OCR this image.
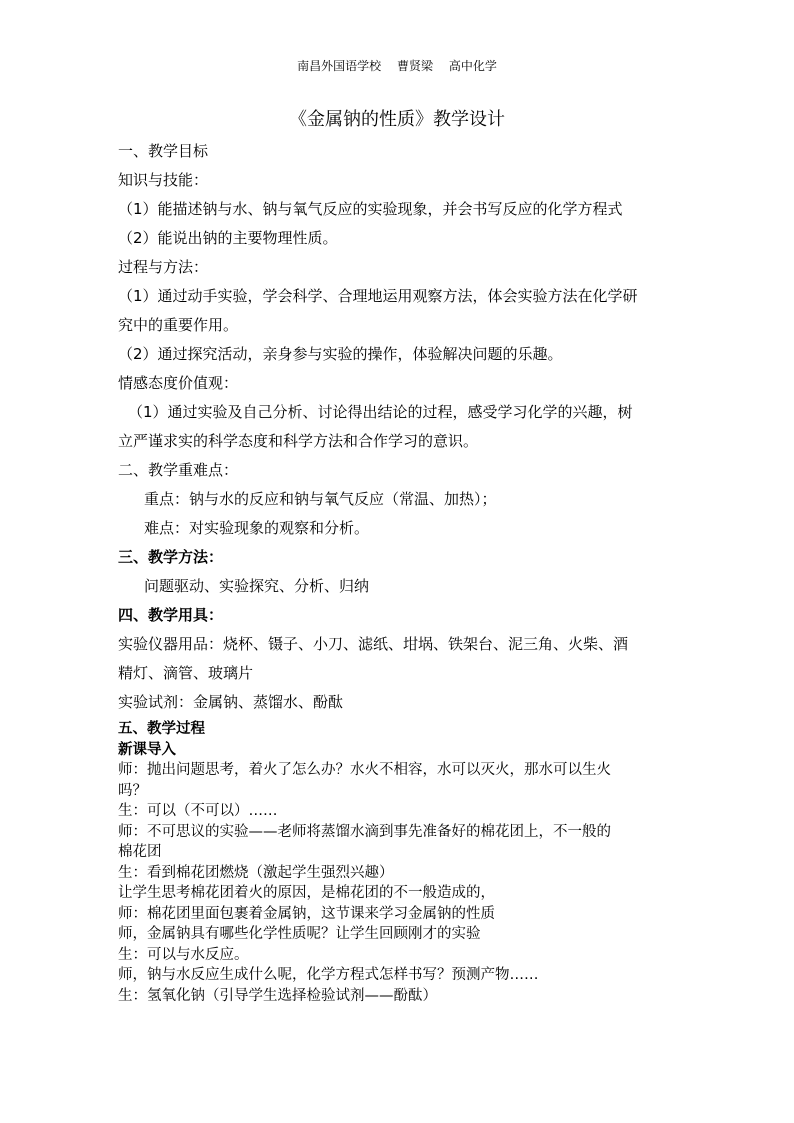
南昌外国语学校 曹贤梁 高中化学
《金属钠的性质》教学设计

一、教学目标

知识与技能：

（1）能描述钠与水、钠与氧气反应的实验现象，并会书写反应的化学方程式

（2）能说出钠的主要物理性质。

过程与方法：

（1）通过动手实验，学会科学、合理地运用观察方法，体会实验方法在化学研

究中的重要作用。

（2）通过探究活动，亲身参与实验的操作，体验解决问题的乐趣。

情感态度价值观：

（1）通过实验及自己分析、讨论得出结论的过程，感受学习化学的兴趣，树

立严谨求实的科学态度和科学方法和合作学习的意识。

二、教学重难点：

重点：钠与水的反应和钠与氧气反应（常温、加热）；

难点：对实验现象的观察和分析。

三、教学方法：

问题驱动、实验探究、分析、归纳

四、教学用具：

实验仪器用品：烧杯、镊子、小刀、滤纸、坩埚、铁架台、泥三角、火柴、酒

精灯、滴管、玻璃片

实验试剂：金属钠、蒸馏水、酚酞

五、教学过程

新课导入

师：抛出问题思考，着火了怎么办？水火不相容，水可以灭火，那水可以生火

吗？

生：可以（不可以）……

师：不可思议的实验——老师将蒸馏水滴到事先准备好的棉花团上，不一般的

棉花团

生：看到棉花团燃烧（激起学生强烈兴趣）

让学生思考棉花团着火的原因，是棉花团的不一般造成的，

师：棉花团里面包裹着金属钠，这节课来学习金属钠的性质

师，金属钠具有哪些化学性质呢？让学生回顾刚才的实验

生：可以与水反应。

师，钠与水反应生成什么呢，化学方程式怎样书写？预测产物……

生：氢氧化钠（引导学生选择检验试剂——酚酞）
